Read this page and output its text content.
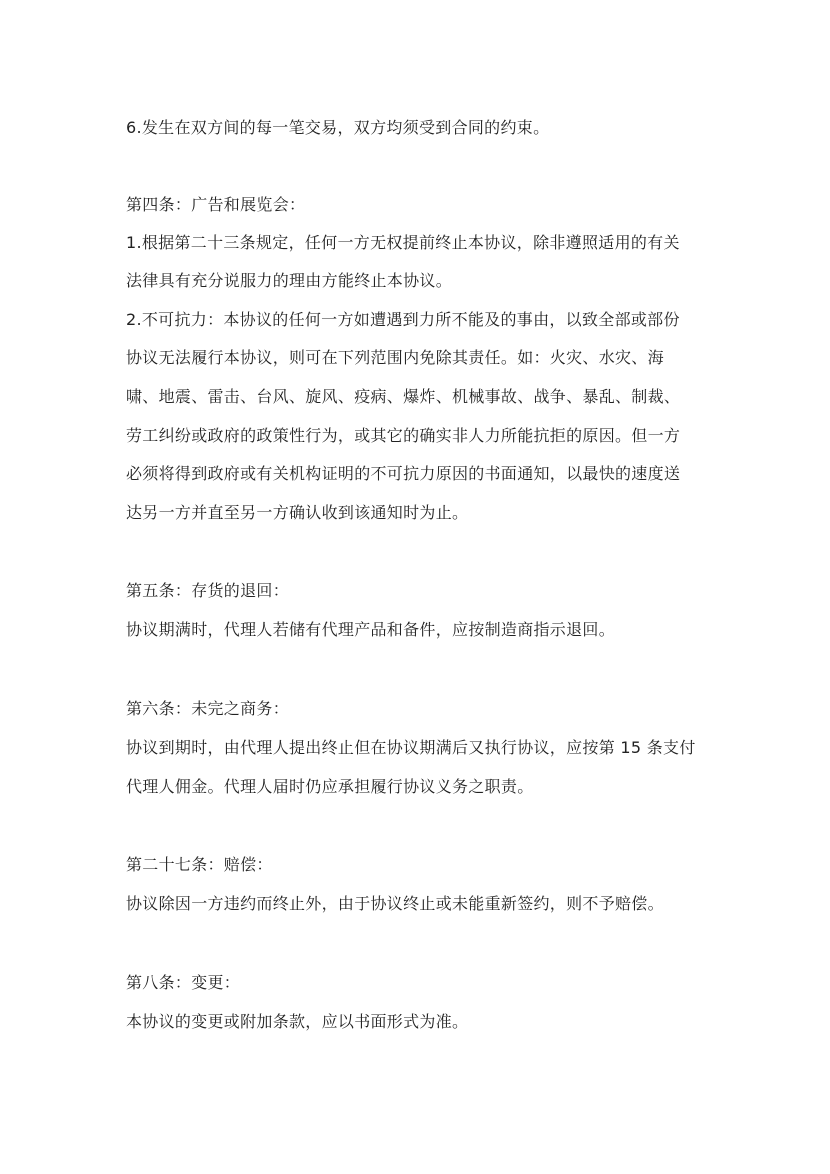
6.发生在双方间的每一笔交易，双方均须受到合同的约束。
第四条：广告和展览会：
1.根据第二十三条规定，任何一方无权提前终止本协议，除非遵照适用的有关
法律具有充分说服力的理由方能终止本协议。
2.不可抗力：本协议的任何一方如遭遇到力所不能及的事由，以致全部或部份
协议无法履行本协议，则可在下列范围内免除其责任。如：火灾、水灾、海
啸、地震、雷击、台风、旋风、疫病、爆炸、机械事故、战争、暴乱、制裁、
劳工纠纷或政府的政策性行为，或其它的确实非人力所能抗拒的原因。但一方
必须将得到政府或有关机构证明的不可抗力原因的书面通知，以最快的速度送
达另一方并直至另一方确认收到该通知时为止。
第五条：存货的退回：
协议期满时，代理人若储有代理产品和备件，应按制造商指示退回。
第六条：未完之商务：
协议到期时，由代理人提出终止但在协议期满后又执行协议，应按第 15 条支付
代理人佣金。代理人届时仍应承担履行协议义务之职责。
第二十七条：赔偿：
协议除因一方违约而终止外，由于协议终止或未能重新签约，则不予赔偿。
第八条：变更：
本协议的变更或附加条款，应以书面形式为准。
